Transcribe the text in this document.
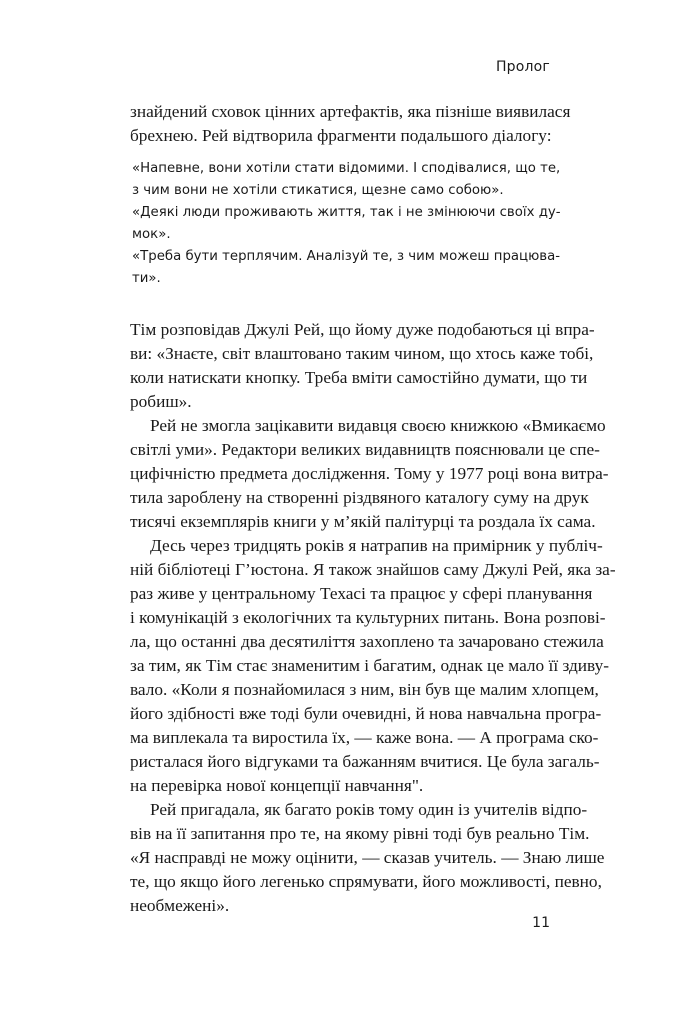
Пролог
знайдений сховок цінних артефактів, яка пізніше виявилася
брехнею. Рей відтворила фрагменти подальшого діалогу:
«Напевне, вони хотіли стати відомими. І сподівалися, що те,
з чим вони не хотіли стикатися, щезне само собою».
«Деякі люди проживають життя, так і не змінюючи своїх ду-
мок».
«Треба бути терплячим. Аналізуй те, з чим можеш працюва-
ти».
Тім розповідав Джулі Рей, що йому дуже подобаються ці впра-
ви: «Знаєте, світ влаштовано таким чином, що хтось каже тобі,
коли натискати кнопку. Треба вміти самостійно думати, що ти
робиш».
Рей не змогла зацікавити видавця своєю книжкою «Вмикаємо
світлі уми». Редактори великих видавництв пояснювали це спе-
цифічністю предмета дослідження. Тому у 1977 році вона витра-
тила зароблену на створенні різдвяного каталогу суму на друк
тисячі екземплярів книги у м’якій палітурці та роздала їх сама.
Десь через тридцять років я натрапив на примірник у публіч-
ній бібліотеці Г’юстона. Я також знайшов саму Джулі Рей, яка за-
раз живе у центральному Техасі та працює у сфері планування
і комунікацій з екологічних та культурних питань. Вона розпові-
ла, що останні два десятиліття захоплено та зачаровано стежила
за тим, як Тім стає знаменитим і багатим, однак це мало її здиву-
вало. «Коли я познайомилася з ним, він був ще малим хлопцем,
його здібності вже тоді були очевидні, й нова навчальна програ-
ма виплекала та виростила їх, — каже вона. — А програма ско-
ристалася його відгуками та бажанням вчитися. Це була загаль-
на перевірка нової концепції навчання".
Рей пригадала, як багато років тому один із учителів відпо-
вів на її запитання про те, на якому рівні тоді був реально Тім.
«Я насправді не можу оцінити, — сказав учитель. — Знаю лише
те, що якщо його легенько спрямувати, його можливості, певно,
необмежені».
11
